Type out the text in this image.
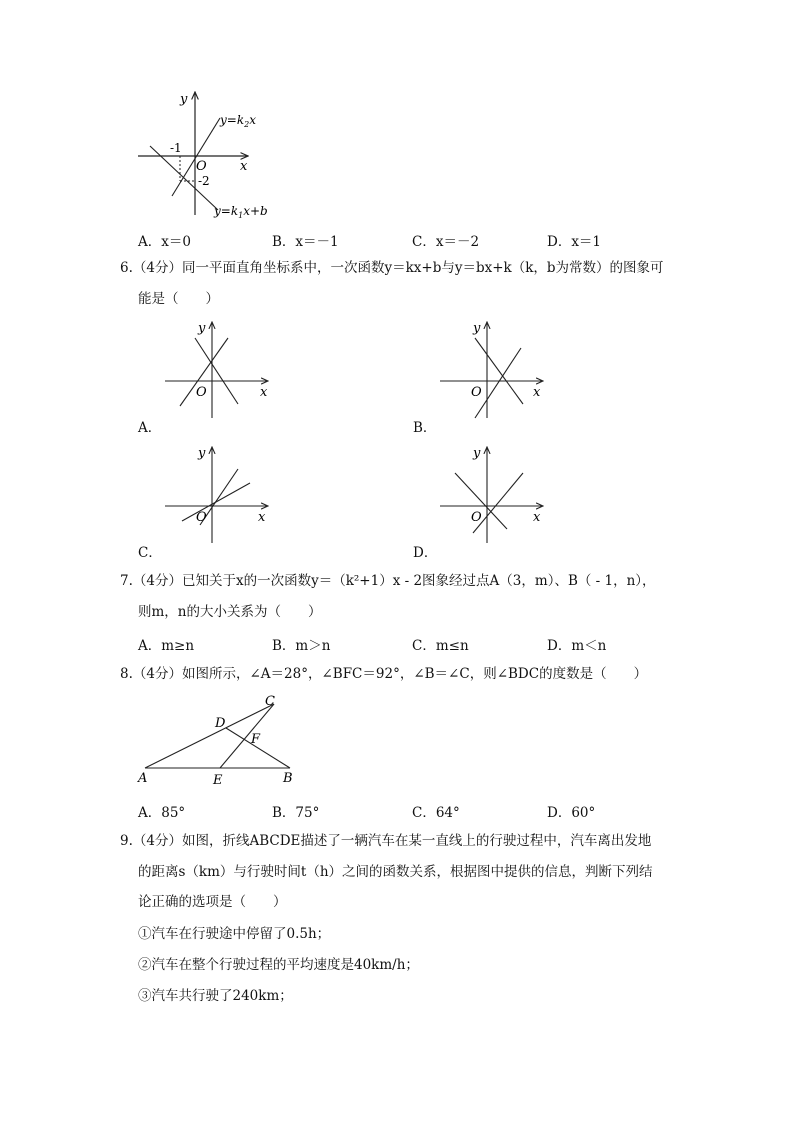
y
x
O
-1
-2
$y=k_2x$
$y=k_1x+b$
A．x＝0	B．x＝－1	C．x＝－2	D．x＝1
6.（4分）同一平面直角坐标系中，一次函数y＝kx+b与y＝bx+k（k，b为常数）的图象可
能是（　　）
y
x
O
A．
y
x
O
B．
y
x
O
C．
y
x
O
D．
7.（4分）已知关于x的一次函数y＝（k²+1）x - 2图象经过点A（3，m）、B（ - 1，n），
则m，n的大小关系为（　　）
A．m≥n	B．m＞n	C．m≤n	D．m＜n
8.（4分）如图所示，∠A＝28°，∠BFC＝92°，∠B＝∠C，则∠BDC的度数是（　　）
A	B
C
D
E
F
A．85°	B．75°	C．64°	D．60°
9.（4分）如图，折线ABCDE描述了一辆汽车在某一直线上的行驶过程中，汽车离出发地
的距离s（km）与行驶时间t（h）之间的函数关系，根据图中提供的信息，判断下列结
论正确的选项是（　　）
①汽车在行驶途中停留了0.5h；
②汽车在整个行驶过程的平均速度是40km/h；
③汽车共行驶了240km；
